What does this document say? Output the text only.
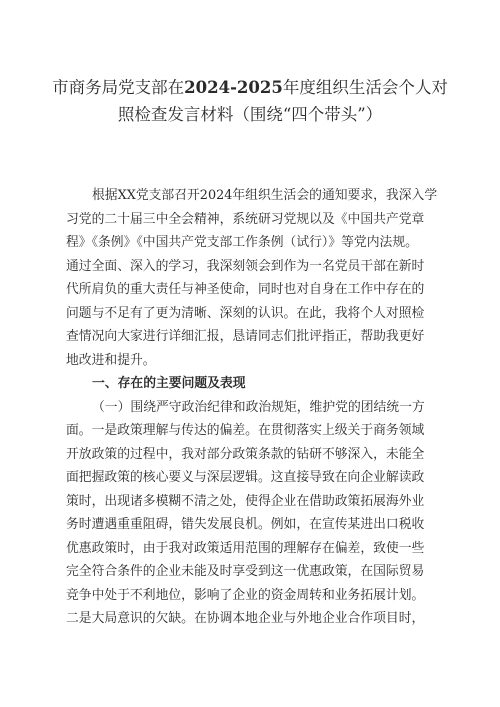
市商务局党支部在2024-2025年度组织生活会个人对
照检查发言材料（围绕“四个带头”）
根据XX党支部召开2024年组织生活会的通知要求，我深入学
习党的二十届三中全会精神，系统研习党规以及《中国共产党章
程》《条例》《中国共产党支部工作条例（试行）》等党内法规。
通过全面、深入的学习，我深刻领会到作为一名党员干部在新时
代所肩负的重大责任与神圣使命，同时也对自身在工作中存在的
问题与不足有了更为清晰、深刻的认识。在此，我将个人对照检
查情况向大家进行详细汇报，恳请同志们批评指正，帮助我更好
地改进和提升。
一、存在的主要问题及表现
（一）围绕严守政治纪律和政治规矩，维护党的团结统一方
面。一是政策理解与传达的偏差。在贯彻落实上级关于商务领域
开放政策的过程中，我对部分政策条款的钻研不够深入，未能全
面把握政策的核心要义与深层逻辑。这直接导致在向企业解读政
策时，出现诸多模糊不清之处，使得企业在借助政策拓展海外业
务时遭遇重重阻碍，错失发展良机。例如，在宣传某进出口税收
优惠政策时，由于我对政策适用范围的理解存在偏差，致使一些
完全符合条件的企业未能及时享受到这一优惠政策，在国际贸易
竞争中处于不利地位，影响了企业的资金周转和业务拓展计划。
二是大局意识的欠缺。在协调本地企业与外地企业合作项目时，
